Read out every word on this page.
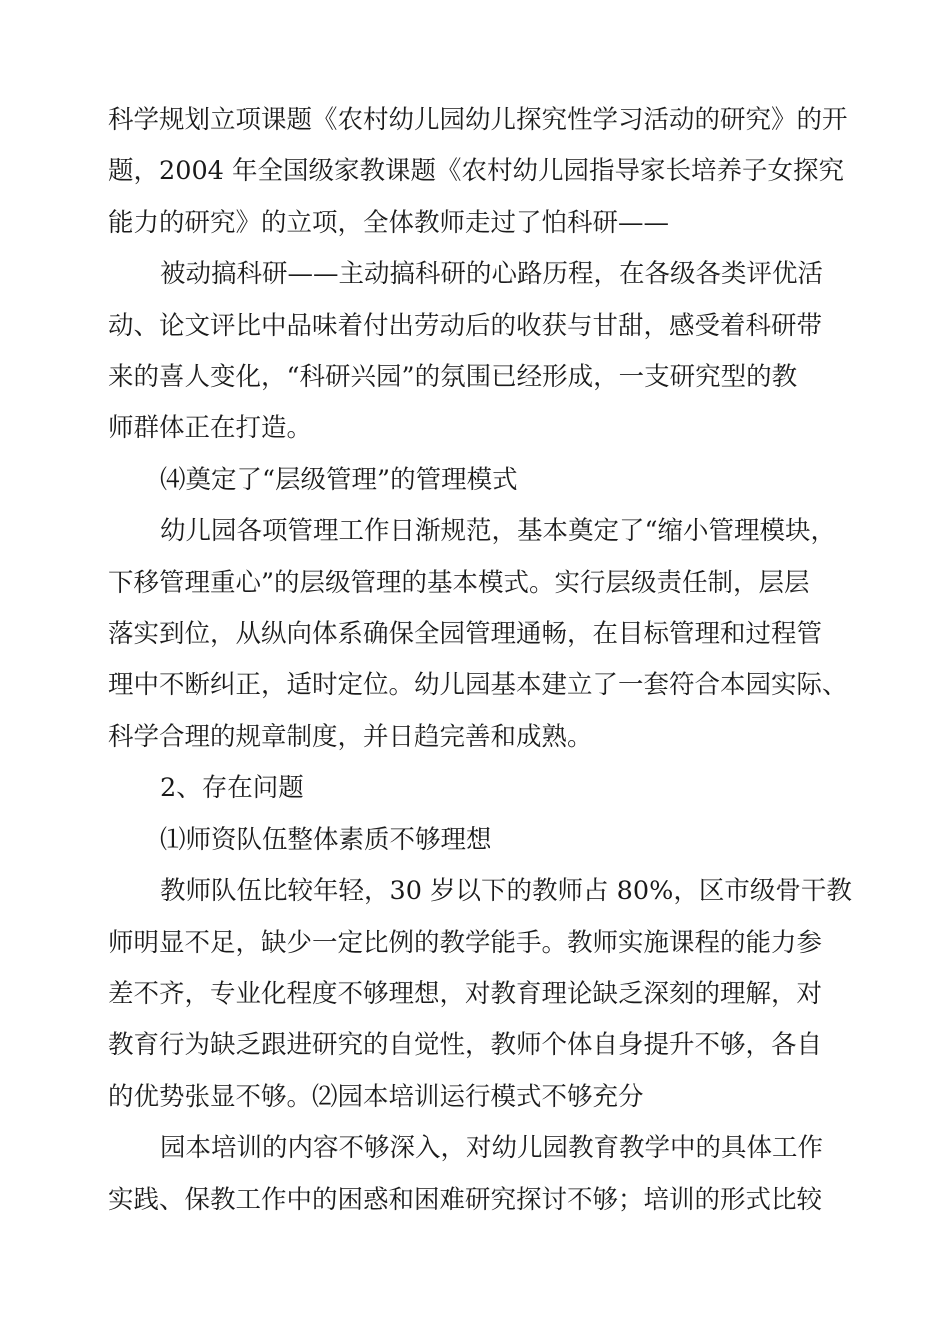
科学规划立项课题《农村幼儿园幼儿探究性学习活动的研究》的开
题，2004 年全国级家教课题《农村幼儿园指导家长培养子女探究
能力的研究》的立项，全体教师走过了怕科研——
被动搞科研——主动搞科研的心路历程，在各级各类评优活
动、论文评比中品味着付出劳动后的收获与甘甜，感受着科研带
来的喜人变化，“科研兴园”的氛围已经形成，一支研究型的教
师群体正在打造。
⑷奠定了“层级管理”的管理模式
幼儿园各项管理工作日渐规范，基本奠定了“缩小管理模块，
下移管理重心”的层级管理的基本模式。实行层级责任制，层层
落实到位，从纵向体系确保全园管理通畅，在目标管理和过程管
理中不断纠正，适时定位。幼儿园基本建立了一套符合本园实际、
科学合理的规章制度，并日趋完善和成熟。
2、存在问题
⑴师资队伍整体素质不够理想
教师队伍比较年轻，30 岁以下的教师占 80%，区市级骨干教
师明显不足，缺少一定比例的教学能手。教师实施课程的能力参
差不齐，专业化程度不够理想，对教育理论缺乏深刻的理解，对
教育行为缺乏跟进研究的自觉性，教师个体自身提升不够，各自
的优势张显不够。⑵园本培训运行模式不够充分
园本培训的内容不够深入，对幼儿园教育教学中的具体工作
实践、保教工作中的困惑和困难研究探讨不够；培训的形式比较
